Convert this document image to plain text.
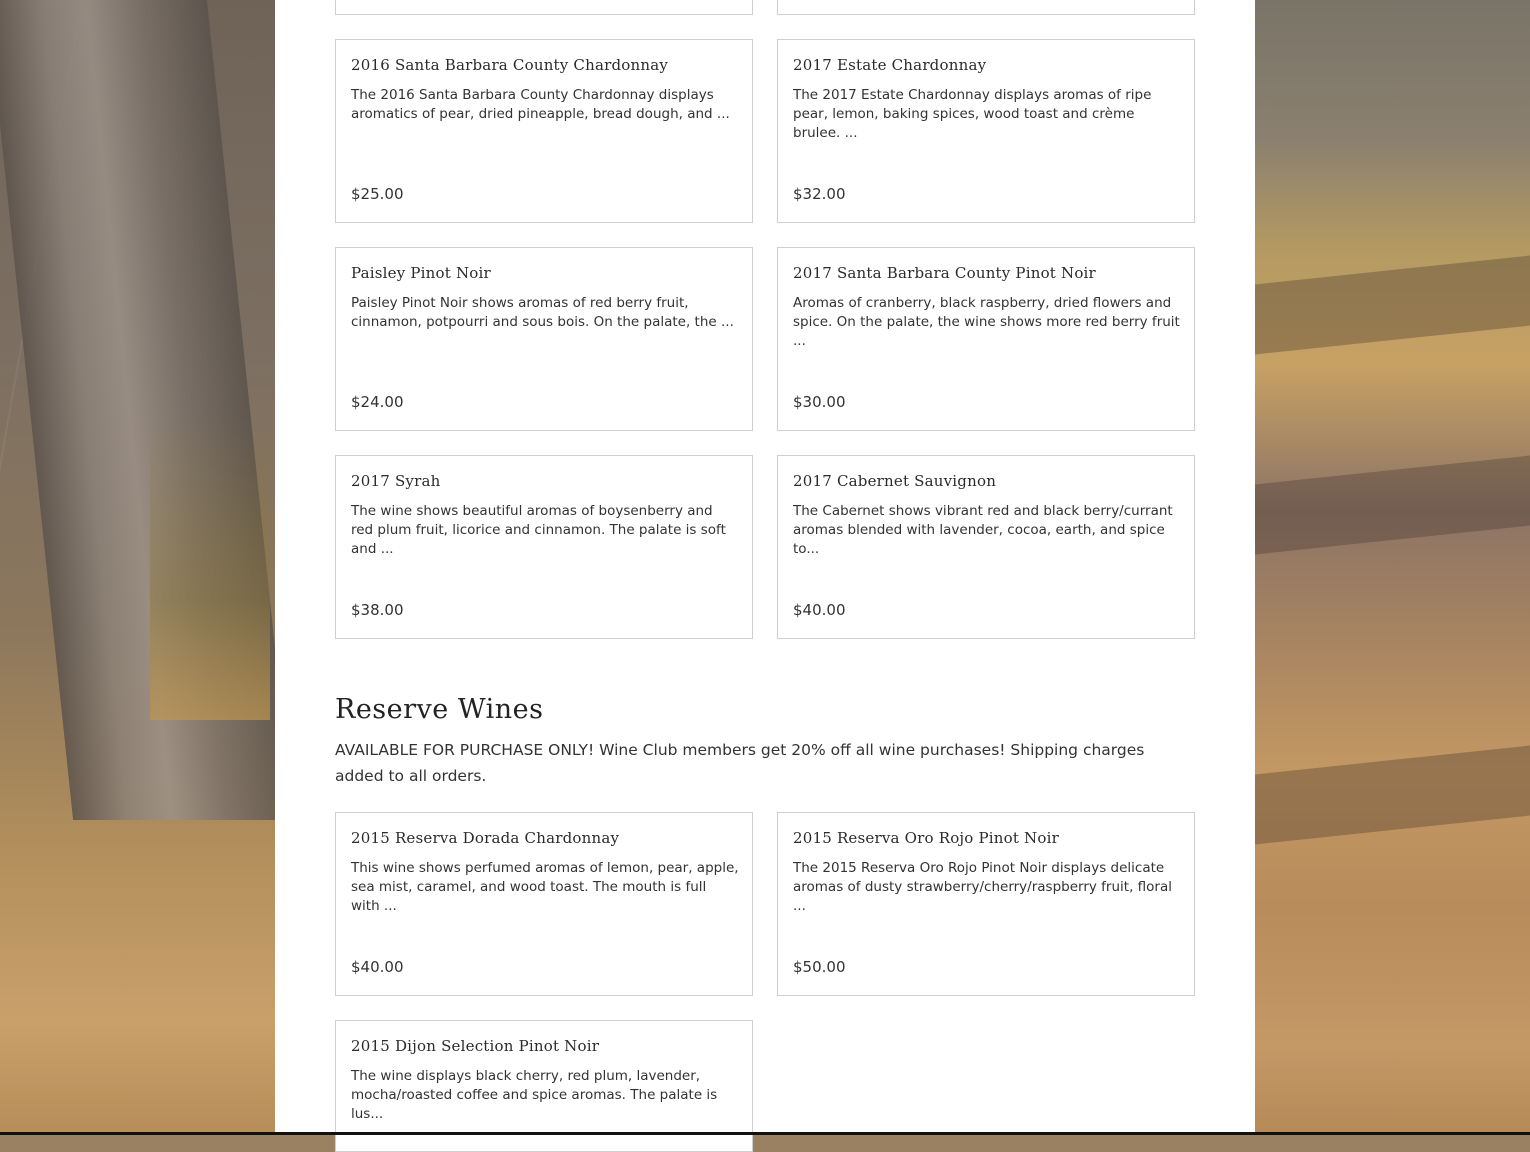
2016 Santa Barbara County Chardonnay
The 2016 Santa Barbara County Chardonnay displays aromatics of pear, dried pineapple, bread dough, and ...
$25.00
2017 Estate Chardonnay
The 2017 Estate Chardonnay displays aromas of ripe pear, lemon, baking spices, wood toast and crème brulee. ...
$32.00
Paisley Pinot Noir
Paisley Pinot Noir shows aromas of red berry fruit, cinnamon, potpourri and sous bois. On the palate, the ...
$24.00
2017 Santa Barbara County Pinot Noir
Aromas of cranberry, black raspberry, dried flowers and spice. On the palate, the wine shows more red berry fruit ...
$30.00
2017 Syrah
The wine shows beautiful aromas of boysenberry and red plum fruit, licorice and cinnamon. The palate is soft and ...
$38.00
2017 Cabernet Sauvignon
The Cabernet shows vibrant red and black berry/currant aromas blended with lavender, cocoa, earth, and spice to...
$40.00
Reserve Wines
AVAILABLE FOR PURCHASE ONLY! Wine Club members get 20% off all wine purchases! Shipping charges added to all orders.
2015 Reserva Dorada Chardonnay
This wine shows perfumed aromas of lemon, pear, apple, sea mist, caramel, and wood toast. The mouth is full with ...
$40.00
2015 Reserva Oro Rojo Pinot Noir
The 2015 Reserva Oro Rojo Pinot Noir displays delicate aromas of dusty strawberry/cherry/raspberry fruit, floral ...
$50.00
2015 Dijon Selection Pinot Noir
The wine displays black cherry, red plum, lavender, mocha/roasted coffee and spice aromas. The palate is lus...
